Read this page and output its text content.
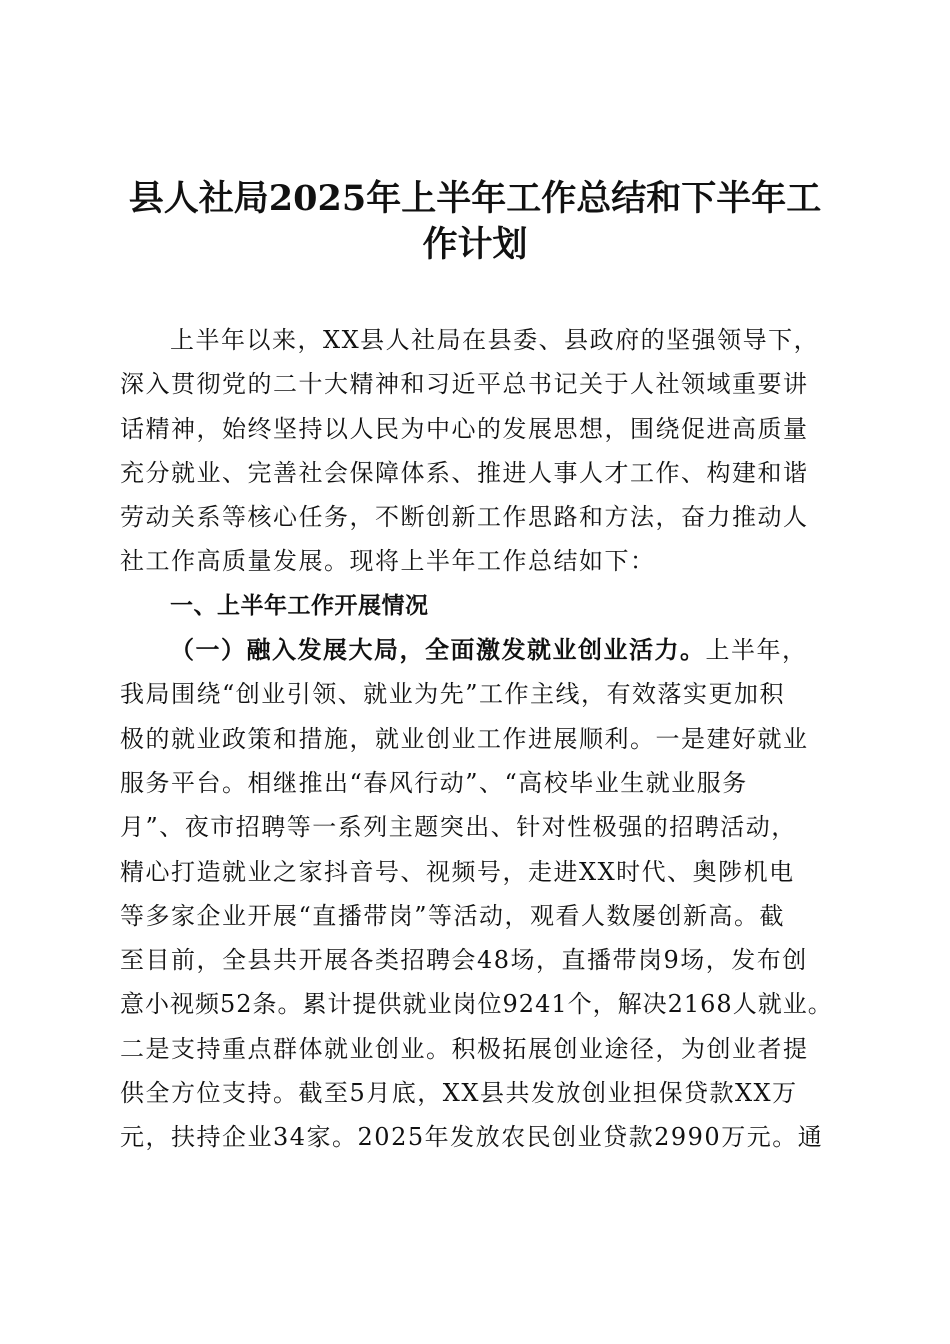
县人社局2025年上半年工作总结和下半年工
作计划
上半年以来，XX县人社局在县委、县政府的坚强领导下，
深入贯彻党的二十大精神和习近平总书记关于人社领域重要讲
话精神，始终坚持以人民为中心的发展思想，围绕促进高质量
充分就业、完善社会保障体系、推进人事人才工作、构建和谐
劳动关系等核心任务，不断创新工作思路和方法，奋力推动人
社工作高质量发展。现将上半年工作总结如下：
一、上半年工作开展情况
（一）融入发展大局，全面激发就业创业活力。上半年，
我局围绕“创业引领、就业为先”工作主线，有效落实更加积
极的就业政策和措施，就业创业工作进展顺利。一是建好就业
服务平台。相继推出“春风行动”、“高校毕业生就业服务
月”、夜市招聘等一系列主题突出、针对性极强的招聘活动，
精心打造就业之家抖音号、视频号，走进XX时代、奥陟机电
等多家企业开展“直播带岗”等活动，观看人数屡创新高。截
至目前，全县共开展各类招聘会48场，直播带岗9场，发布创
意小视频52条。累计提供就业岗位9241个，解决2168人就业。
二是支持重点群体就业创业。积极拓展创业途径，为创业者提
供全方位支持。截至5月底，XX县共发放创业担保贷款XX万
元，扶持企业34家。2025年发放农民创业贷款2990万元。通
